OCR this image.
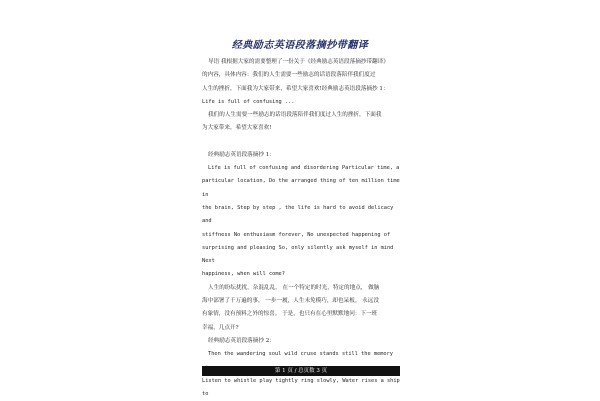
经典励志英语段落摘抄带翻译

导语 我根据大家的需要整理了一份关于《经典励志英语段落摘抄带翻译》

的内容，具体内容：我们的人生需要一些励志的话语段落陪伴我们度过

人生的挫折，下面我为大家带来，希望大家喜欢!经典励志英语段落摘抄 1：

Life is full of confusing ...

我们的人生需要一些励志的话语段落陪伴我们度过人生的挫折，下面我

为大家带来，希望大家喜欢!

经典励志英语段落摘抄 1：

Life is full of confusing and disordering Particular time, a

particular location, Do the arranged thing of ten million time in

the brain, Step by step , the life is hard to avoid delicacy and

stiffness No enthusiasm forever, No unexpected happening of

surprising and pleasing So, only silently ask myself in mind Next

happiness, when will come?

人生的纷纭扰扰，杂混乱乱， 在一个特定的时光，特定的地点， 做脑

海中部署了千万遍的事， 一步一履，人生未免模巧，却也呆板。 永远没

有象情，没有预料之外的惊喜。 于是，也只有在心里默默地问：下一班

幸福，几点开?

经典励志英语段落摘抄 2：

Then the wandering soul wild cruse stands still the memory

Listen to whistle play tightly ring slowly, Water rises a ship to

第 1 页 / 总页数 3 页
